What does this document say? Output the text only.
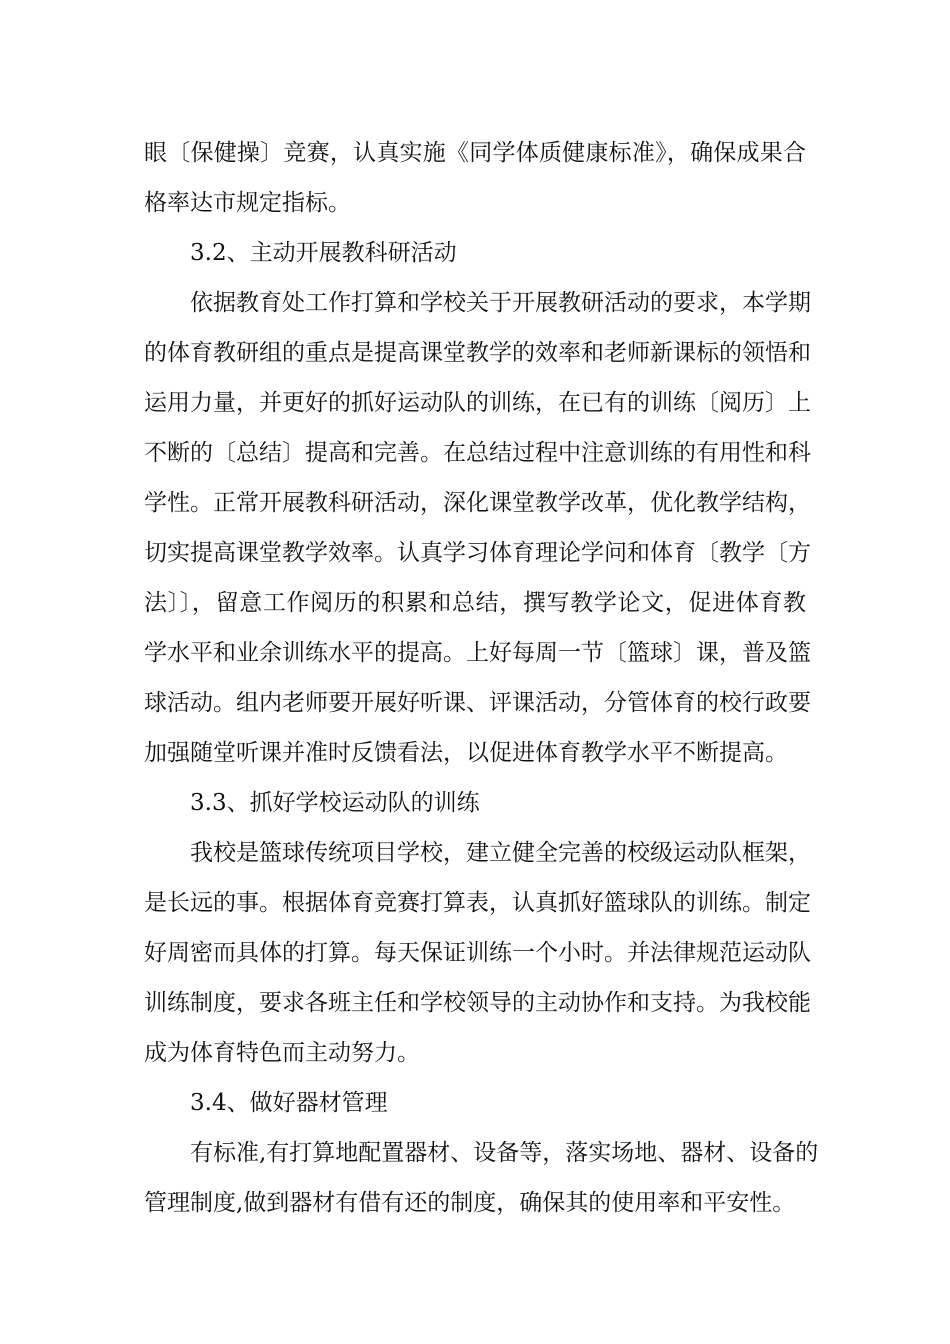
眼〔保健操〕竞赛，认真实施《同学体质健康标准》，确保成果合
格率达市规定指标。
3.2、主动开展教科研活动
依据教育处工作打算和学校关于开展教研活动的要求，本学期
的体育教研组的重点是提高课堂教学的效率和老师新课标的领悟和
运用力量，并更好的抓好运动队的训练，在已有的训练〔阅历〕上
不断的〔总结〕提高和完善。在总结过程中注意训练的有用性和科
学性。正常开展教科研活动，深化课堂教学改革，优化教学结构，
切实提高课堂教学效率。认真学习体育理论学问和体育〔教学〔方
法〕〕，留意工作阅历的积累和总结，撰写教学论文，促进体育教
学水平和业余训练水平的提高。上好每周一节〔篮球〕课，普及篮
球活动。组内老师要开展好听课、评课活动，分管体育的校行政要
加强随堂听课并准时反馈看法，以促进体育教学水平不断提高。
3.3、抓好学校运动队的训练
我校是篮球传统项目学校，建立健全完善的校级运动队框架，
是长远的事。根据体育竞赛打算表，认真抓好篮球队的训练。制定
好周密而具体的打算。每天保证训练一个小时。并法律规范运动队
训练制度，要求各班主任和学校领导的主动协作和支持。为我校能
成为体育特色而主动努力。
3.4、做好器材管理
有标准,有打算地配置器材、设备等，落实场地、器材、设备的
管理制度,做到器材有借有还的制度，确保其的使用率和平安性。
